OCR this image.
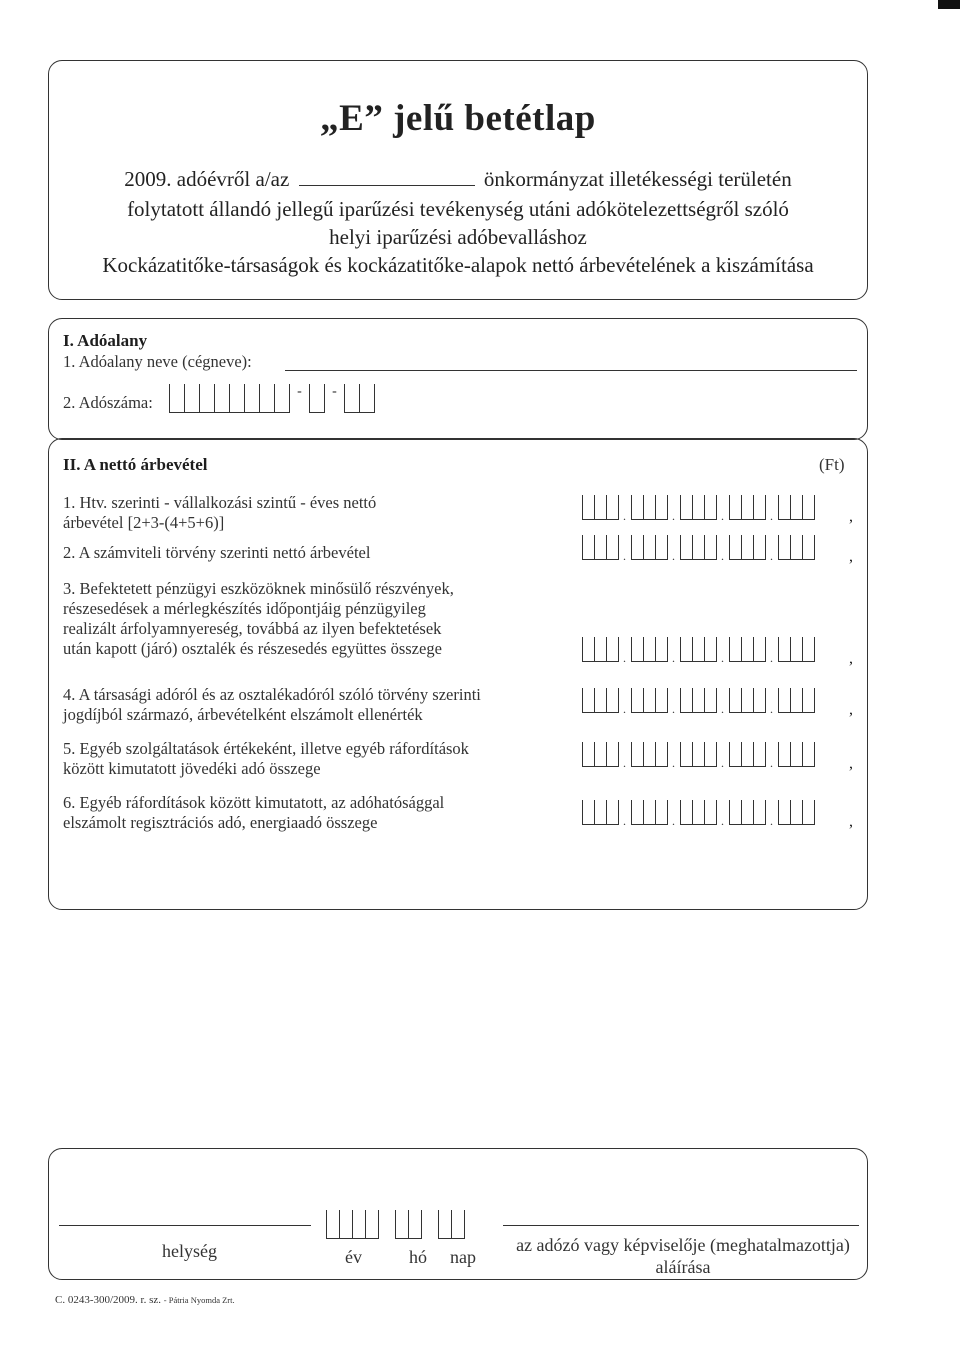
„E” jelű betétlap
2009. adóévről a/az	önkormányzat illetékességi területén
folytatott állandó jellegű iparűzési tevékenység utáni adókötelezettségről szóló
helyi iparűzési adóbevalláshoz
Kockázatitőke-társaságok és kockázatitőke-alapok nettó árbevételének a kiszámítása
I. Adóalany
1. Adóalany neve (cégneve):
2. Adószáma:
-	-
II. A nettó árbevétel	(Ft)
1. Htv. szerinti - vállalkozási szintű - éves nettó
árbevétel [2+3-(4+5+6)]	,
2. A számviteli törvény szerinti nettó árbevétel	,
3. Befektetett pénzügyi eszközöknek minősülő részvények,
részesedések a mérlegkészítés időpontjáig pénzügyileg
realizált árfolyamnyereség, továbbá az ilyen befektetések
után kapott (járó) osztalék és részesedés együttes összege
,
4. A társasági adóról és az osztalékadóról szóló törvény szerinti
jogdíjból származó, árbevételként elszámolt ellenérték	,
5. Egyéb szolgáltatások értékeként, illetve egyéb ráfordítások
között kimutatott jövedéki adó összege	,
6. Egyéb ráfordítások között kimutatott, az adóhatósággal
elszámolt regisztrációs adó, energiaadó összege	,
helység	év	hó nap
az adózó vagy képviselője (meghatalmazottja)
aláírása
C. 0243-300/2009. r. sz. - Pátria Nyomda Zrt.
